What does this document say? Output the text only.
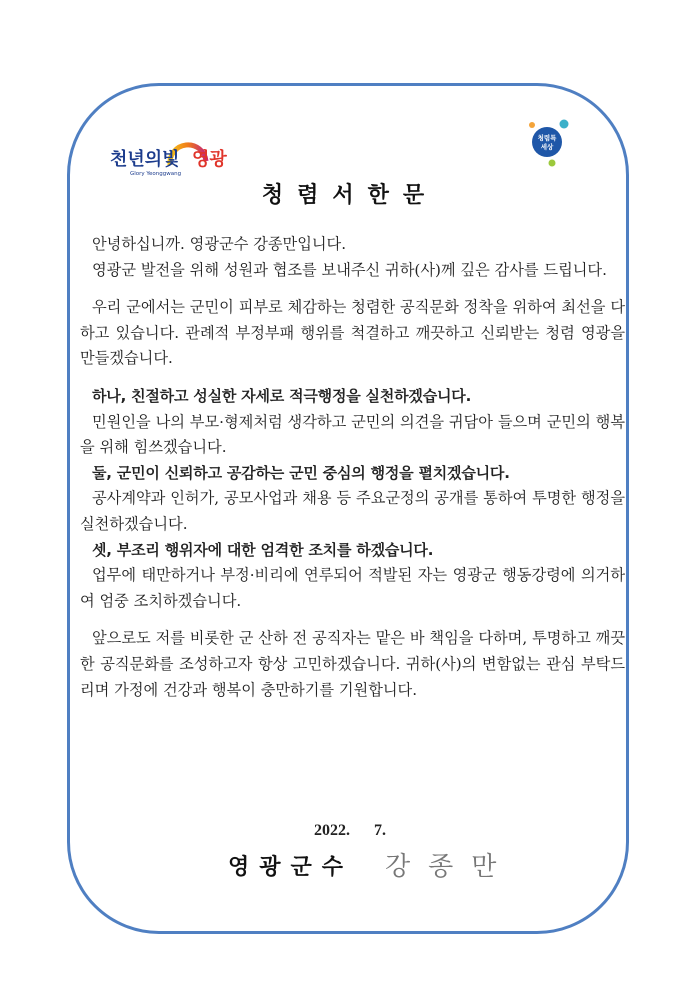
천년의빛 영광
Glory Yeonggwang
청렴특
세상
청렴서한문

안녕하십니까. 영광군수 강종만입니다.

영광군 발전을 위해 성원과 협조를 보내주신 귀하(사)께 깊은 감사를 드립니다.

우리 군에서는 군민이 피부로 체감하는 청렴한 공직문화 정착을 위하여 최선을 다 하고 있습니다. 관례적 부정부패 행위를 척결하고 깨끗하고 신뢰받는 청렴 영광을 만들겠습니다.

하나, 친절하고 성실한 자세로 적극행정을 실천하겠습니다.

민원인을 나의 부모·형제처럼 생각하고 군민의 의견을 귀담아 들으며 군민의 행복을 위해 힘쓰겠습니다.

둘, 군민이 신뢰하고 공감하는 군민 중심의 행정을 펼치겠습니다.

공사계약과 인허가, 공모사업과 채용 등 주요군정의 공개를 통하여 투명한 행정을 실천하겠습니다.

셋, 부조리 행위자에 대한 엄격한 조치를 하겠습니다.

업무에 태만하거나 부정·비리에 연루되어 적발된 자는 영광군 행동강령에 의거하여 엄중 조치하겠습니다.

앞으로도 저를 비롯한 군 산하 전 공직자는 맡은 바 책임을 다하며, 투명하고 깨끗한 공직문화를 조성하고자 항상 고민하겠습니다. 귀하(사)의 변함없는 관심 부탁드리며 가정에 건강과 행복이 충만하기를 기원합니다.

2022. 7.
영광군수 강종만
